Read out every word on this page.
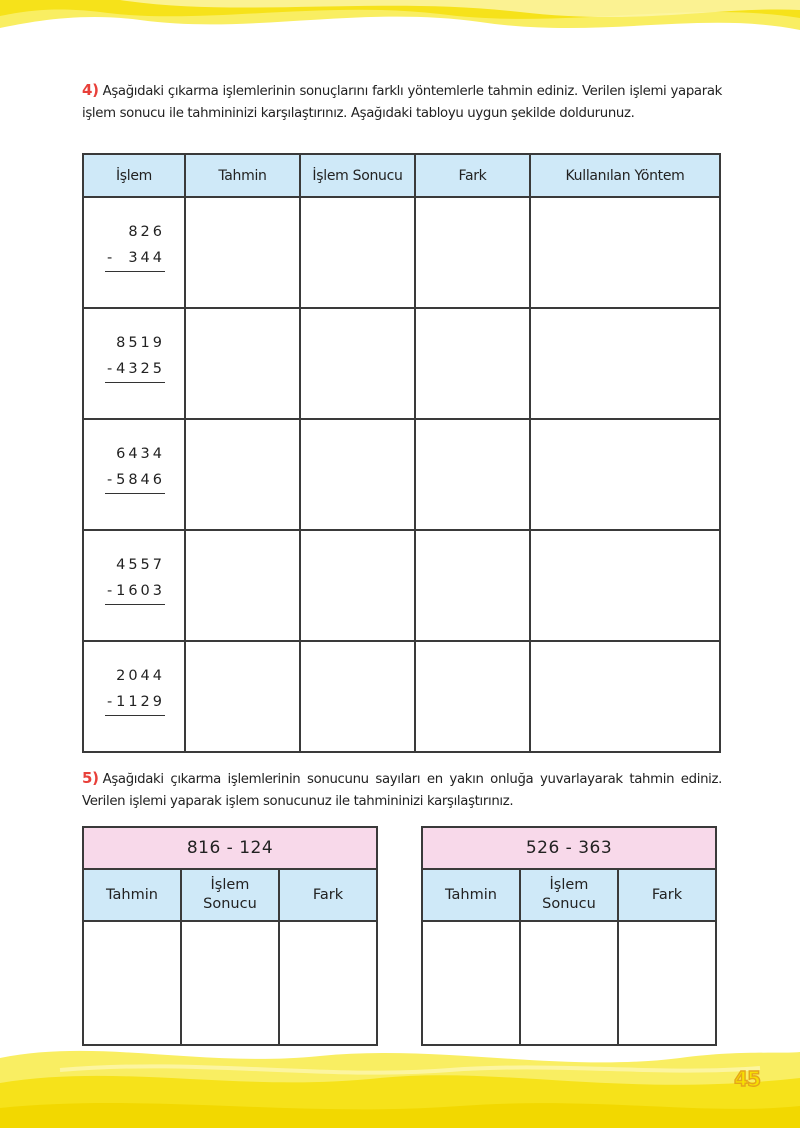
4) Aşağıdaki çıkarma işlemlerinin sonuçlarını farklı yöntemlerle tahmin ediniz. Verilen işlemi yaparak işlem sonucu ile tahmininizi karşılaştırınız. Aşağıdaki tabloyu uygun şekilde doldurunuz.
İşlem	Tahmin	İşlem Sonucu	Fark	Kullanılan Yöntem

826
- 344				

8519
- 4325				

6434
- 5846				

4557
- 1603				

2044
- 1129				

5) Aşağıdaki çıkarma işlemlerinin sonucunu sayıları en yakın onluğa yuvarlayarak tahmin ediniz. Verilen işlemi yaparak işlem sonucunuz ile tahmininizi karşılaştırınız.
816 - 124		
Tahmin	İşlem Sonucu	Fark

526 - 363		
Tahmin	İşlem Sonucu	Fark

45
